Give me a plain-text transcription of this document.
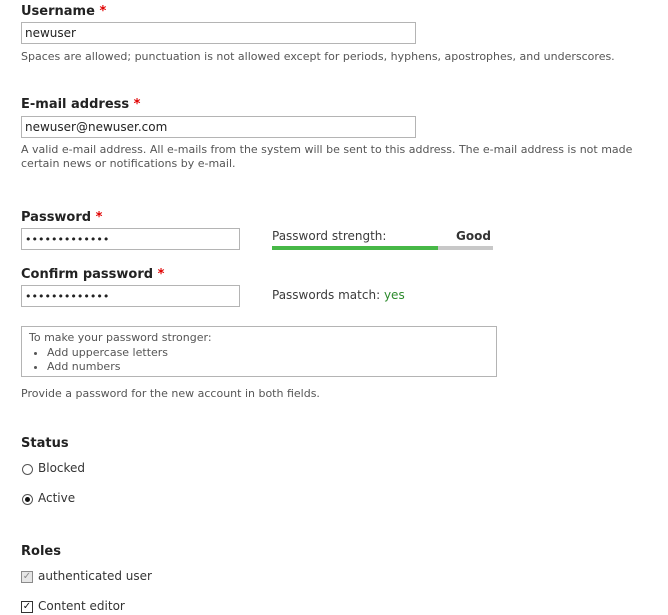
Username *
newuser
Spaces are allowed; punctuation is not allowed except for periods, hyphens, apostrophes, and underscores.
E-mail address *
newuser@newuser.com
A valid e-mail address. All e-mails from the system will be sent to this address. The e-mail address is not made
certain news or notifications by e-mail.
Password *
•••••••••••••
Password strength:	Good
Confirm password *
•••••••••••••
Passwords match: yes
To make your password stronger:
• Add uppercase letters
• Add numbers
Provide a password for the new account in both fields.
Status
Blocked
Active
Roles
✓ authenticated user
✓ Content editor
